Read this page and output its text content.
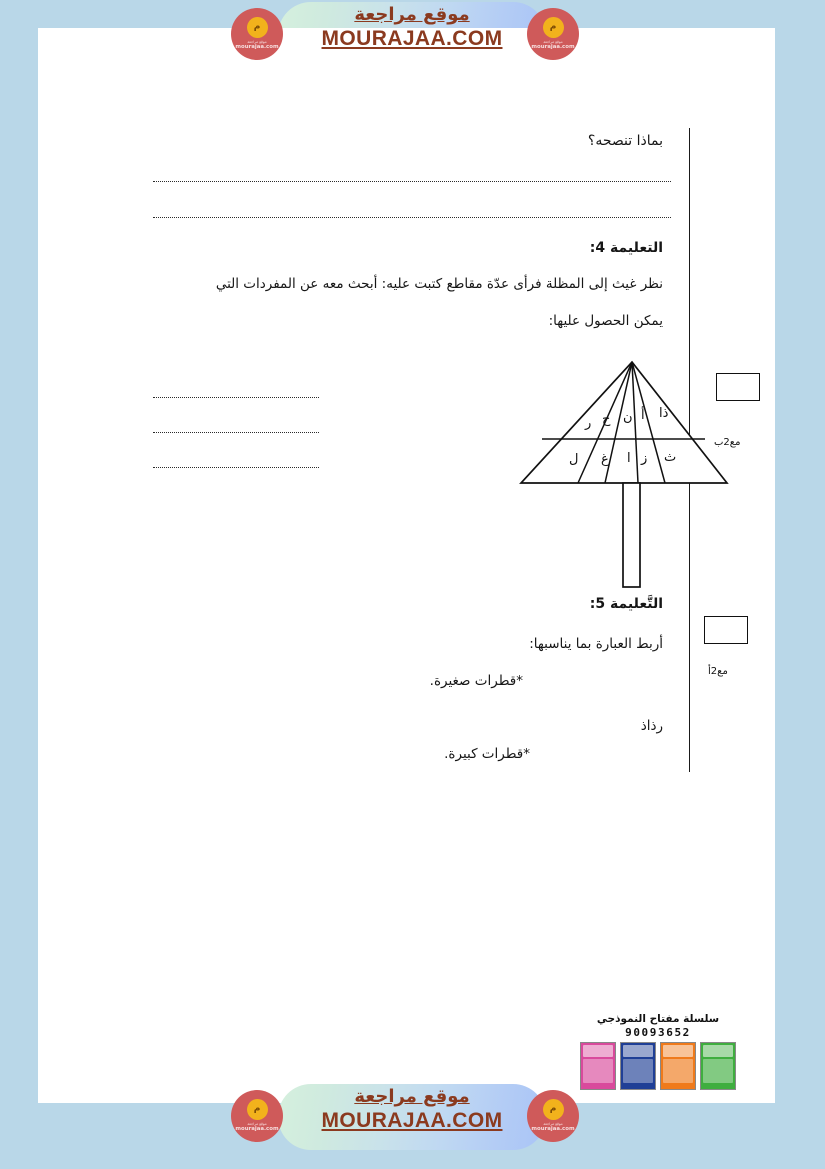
م
موقع مراجعة
mourajaa.com
موقع مراجعة
MOURAJAA.COM	م
موقع مراجعة
mourajaa.com
بماذا تنصحه؟
التعليمة 4:
نظر غيث إلى المظلة فرأى عدّة مقاطع كتبت عليه: أبحث معه عن المفردات التي
يمكن الحصول عليها:
ذا
أ
ن
ح
ر
ث
ز
ا
غ
ل
مع2ب
التَّعليمة 5:
أربط العبارة بما يناسبها:
*قطرات صغيرة.
رذاذ
*قطرات كبيرة.
مع2أ
سلسلة مفتاح النموذجي
90093652
م
موقع مراجعة
mourajaa.com
موقع مراجعة
MOURAJAA.COM	م
موقع مراجعة
mourajaa.com
